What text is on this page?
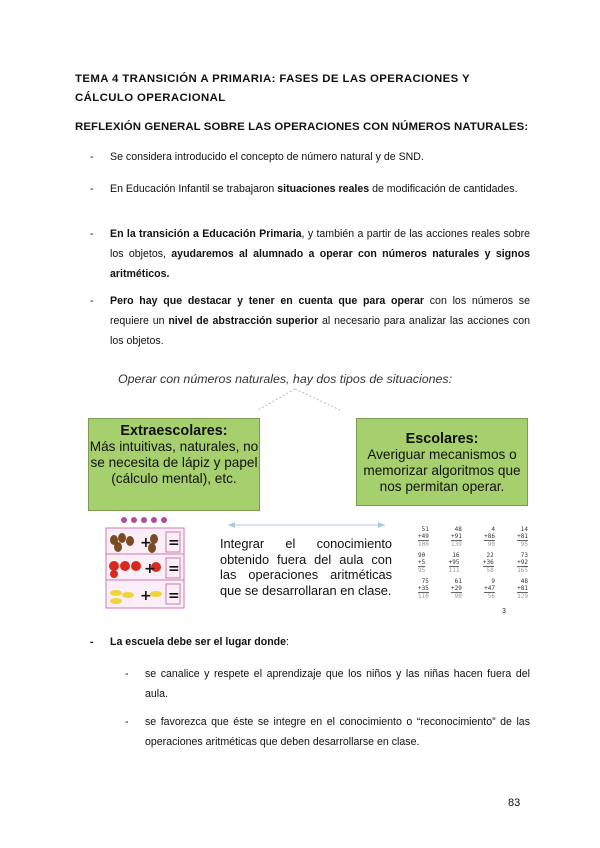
TEMA 4 TRANSICIÓN A PRIMARIA: FASES DE LAS OPERACIONES Y CÁLCULO OPERACIONAL
REFLEXIÓN GENERAL SOBRE LAS OPERACIONES CON NÚMEROS NATURALES:
- Se considera introducido el concepto de número natural y de SND.
- En Educación Infantil se trabajaron situaciones reales de modificación de cantidades.
- En la transición a Educación Primaria, y también a partir de las acciones reales sobre los objetos, ayudaremos al alumnado a operar con números naturales y signos aritméticos.
- Pero hay que destacar y tener en cuenta que para operar con los números se requiere un nivel de abstracción superior al necesario para analizar las acciones con los objetos.
Operar con números naturales, hay dos tipos de situaciones:
Extraescolares:
Más intuitivas, naturales, no se necesita de lápiz y papel (cálculo mental), etc.
Escolares:
Averiguar mecanismos o memorizar algoritmos que nos permitan operar.
+
+
+
=
=
=
Integrar el conocimiento obtenido fuera del aula con las operaciones aritméticas que se desarrollaran en clase.
51
+49
100
48
+91
139
4
+86
90
14
+81
95
90
+5
95
16
+95
111
22
+36
58
73
+92
165
75
+35
110
61
+29
90
9
+47
56
48
+81
129
3
- La escuela debe ser el lugar donde:
- se canalice y respete el aprendizaje que los niños y las niñas hacen fuera del aula.
- se favorezca que éste se integre en el conocimiento o “reconocimiento” de las operaciones aritméticas que deben desarrollarse en clase.
83
